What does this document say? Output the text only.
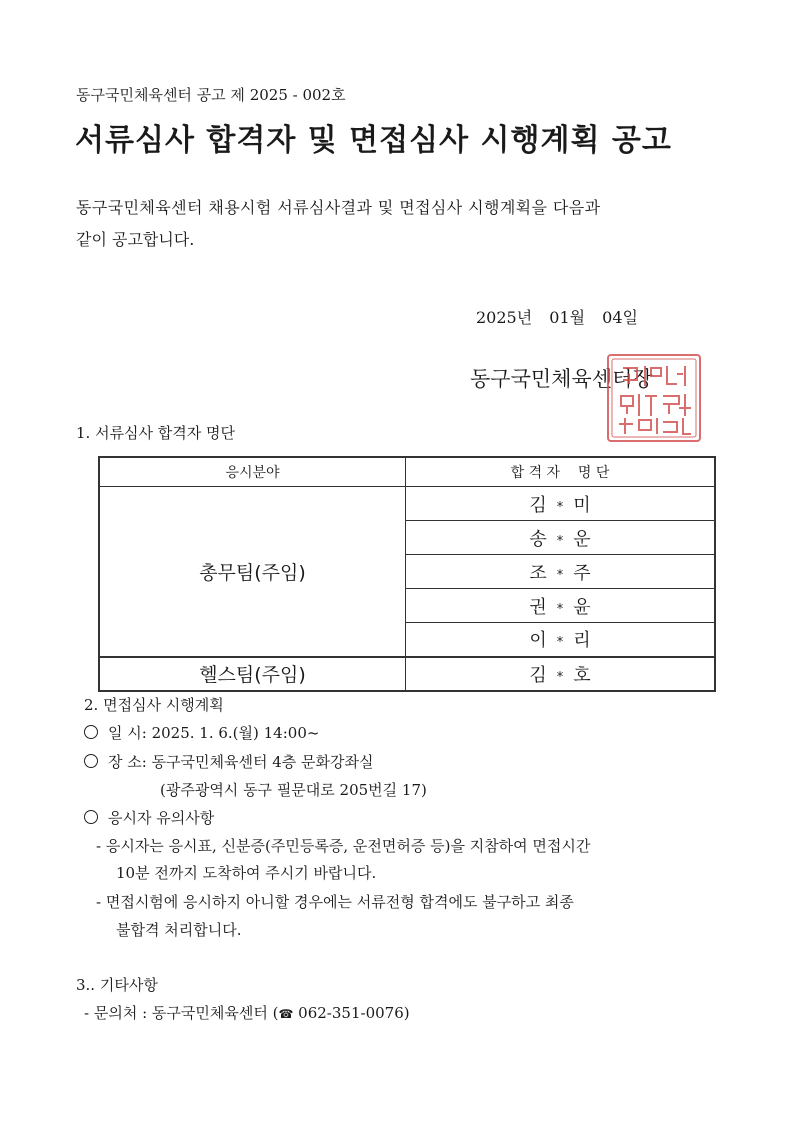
동구국민체육센터 공고 제 2025 - 002호
서류심사 합격자 및 면접심사 시행계획 공고
동구국민체육센터 채용시험 서류심사결과 및 면접심사 시행계획을 다음과
같이 공고합니다.
2025년 01월 04일
동구국민체육센터장
1. 서류심사 합격자 명단
응시분야	합 격 자    명 단
총무팀(주임)	김 * 미
	송 * 운
	조 * 주
	권 * 윤
	이 * 리
헬스팀(주임)	김 * 호
2. 면접심사 시행계획
일 시: 2025. 1. 6.(월) 14:00~
장 소: 동구국민체육센터 4층 문화강좌실
(광주광역시 동구 필문대로 205번길 17)
응시자 유의사항
- 응시자는 응시표, 신분증(주민등록증, 운전면허증 등)을 지참하여 면접시간
10분 전까지 도착하여 주시기 바랍니다.
- 면접시험에 응시하지 아니할 경우에는 서류전형 합격에도 불구하고 최종
불합격 처리합니다.
3.. 기타사항
- 문의처 : 동구국민체육센터 (☎ 062-351-0076)
